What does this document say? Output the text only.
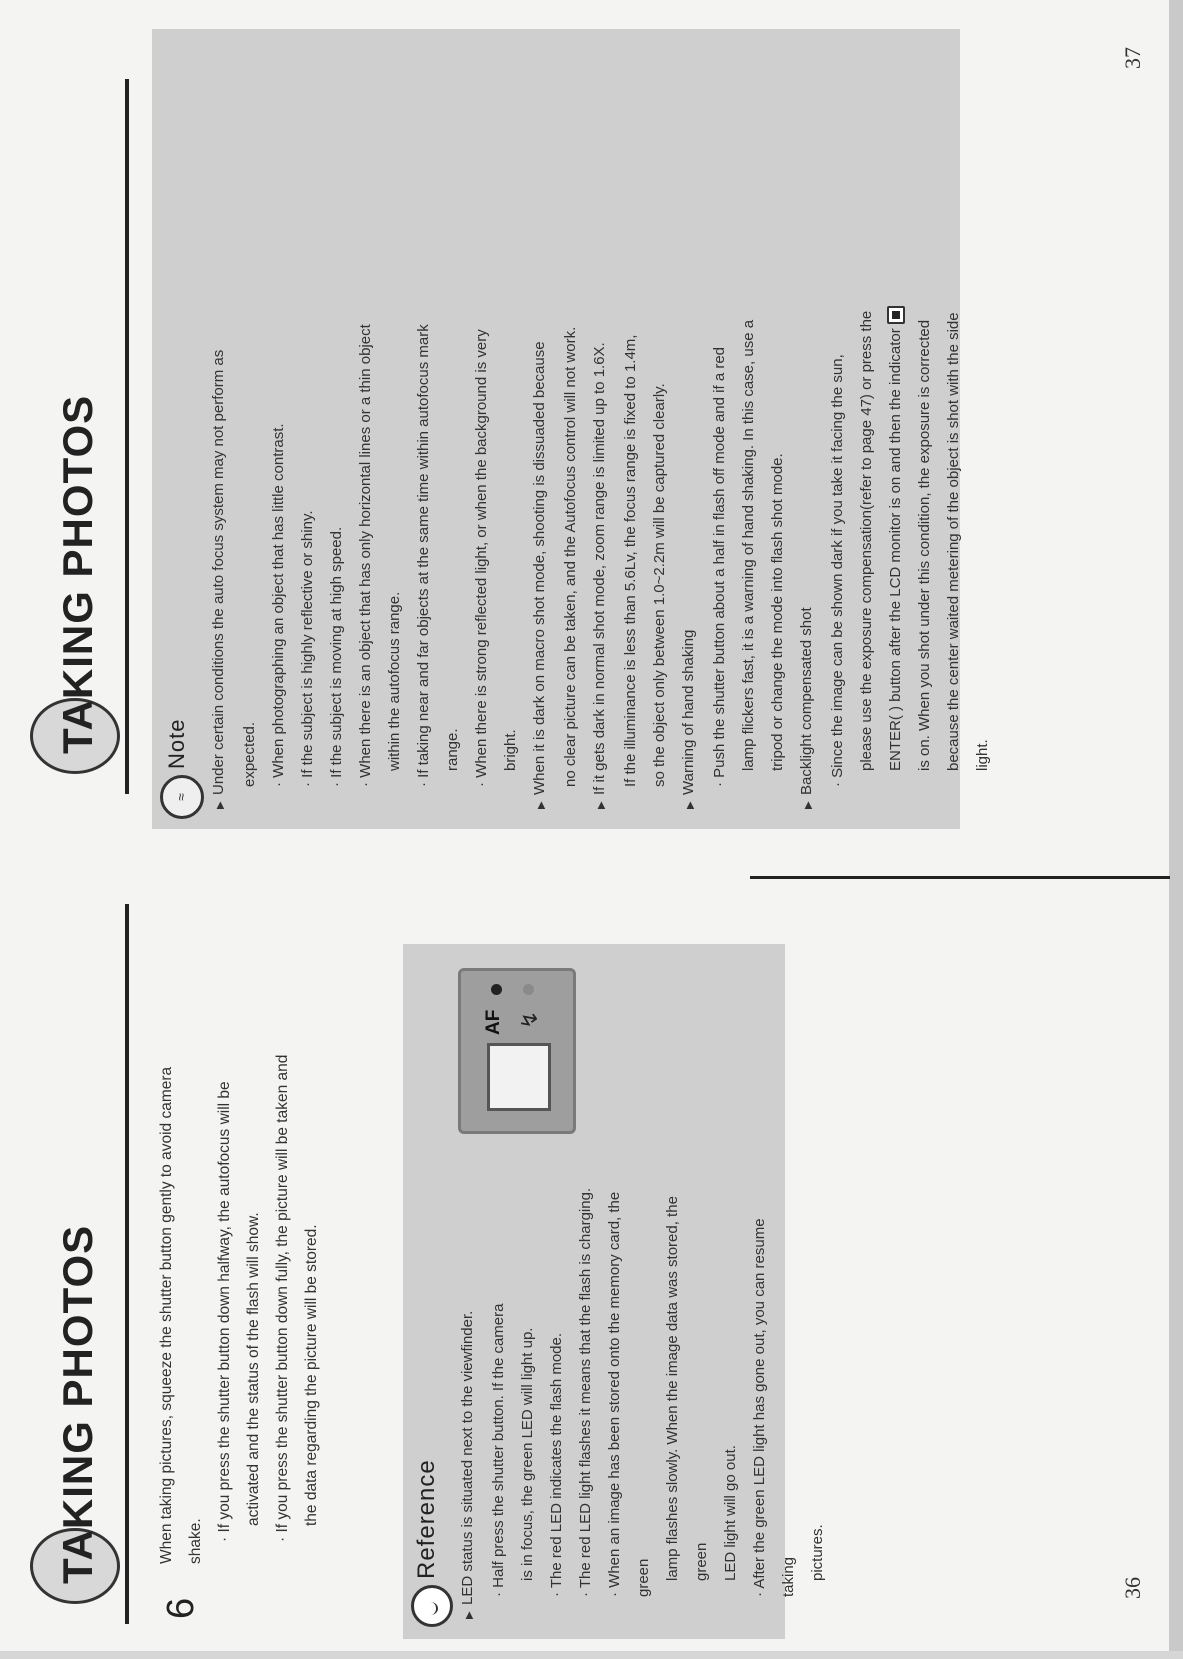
TAKING PHOTOS
6

When taking pictures, squeeze the shutter button gently to avoid camera shake. · If you press the shutter button down halfway, the autofocus will be activated and the status of the flash will show. · If you press the shutter button down fully, the picture will be taken and the data regarding the picture will be stored.	Reference

▶LED status is situated next to the viewfinder. · Half press the shutter button. If the camera is in focus, the green LED will light up. · The red LED indicates the flash mode. · The red LED light flashes it means that the flash is charging. · When an image has been stored onto the memory card, the green lamp flashes slowly. When the image data was stored, the green LED light will go out. · After the green LED light has gone out, you can resume taking pictures.

AF ↯
36
TAKING PHOTOS
≈
Note

▶Under certain conditions the auto focus system may not perform as expected. · When photographing an object that has little contrast. · If the subject is highly reflective or shiny. · If the subject is moving at high speed. · When there is an object that has only horizontal lines or a thin object within the autofocus range. · If taking near and far objects at the same time within autofocus mark range. · When there is strong reflected light, or when the background is very bright.

▶When it is dark on macro shot mode, shooting is dissuaded because no clear picture can be taken, and the Autofocus control will not work.

▶If it gets dark in normal shot mode, zoom range is limited up to 1.6X. If the illuminance is less than 5.6Lv, the focus range is fixed to 1.4m, so the object only between 1.0~2.2m will be captured clearly.

▶Warning of hand shaking · Push the shutter button about a half in flash off mode and if a red lamp flickers fast, it is a warning of hand shaking. In this case, use a tripod or change the mode into flash shot mode.

▶Backlight compensated shot · Since the image can be shown dark if you take it facing the sun, please use the exposure compensation(refer to page 47) or press the ENTER( ) button after the LCD monitor is on and then the indicator is on. When you shot under this condition, the exposure is corrected because the center waited metering of the object is shot with the side light.

37
